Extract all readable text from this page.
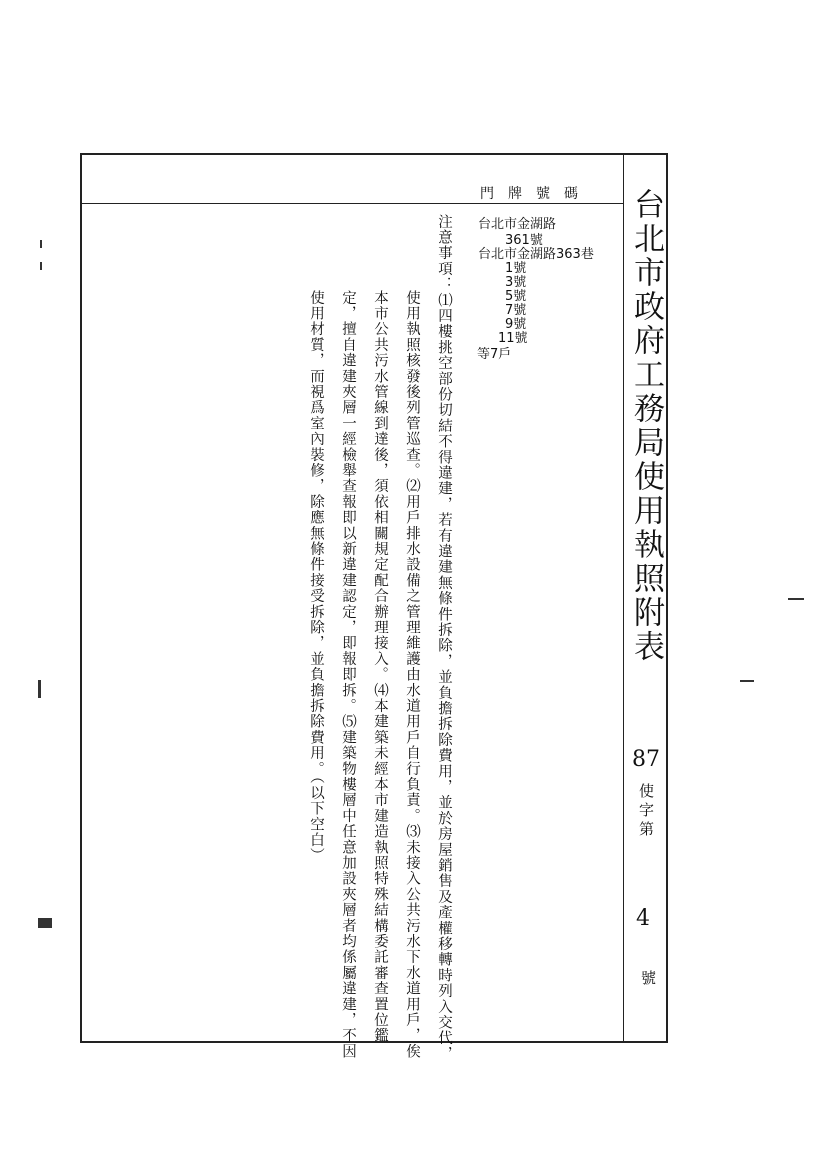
台北市政府工務局使用執照附表
87
使字第
4
號
門牌號碼
台北市金湖路
361號
台北市金湖路363巷
1號
3號
5號
7號
9號
11號
等7戶
注意事項：⑴四樓挑空部份切結不得違建，若有違建無條件拆除，並負擔拆除費用，並於房屋銷售及產權移轉時列入交代，
使用執照核發後列管巡查。⑵用戶排水設備之管理維護由水道用戶自行負責。⑶未接入公共污水下水道用戶，俟
本市公共污水管線到達後，須依相關規定配合辦理接入。⑷本建築未經本市建造執照特殊結構委託審查置位鑑
定，擅自違建夾層一經檢舉查報即以新違建認定，即報即拆。⑸建築物樓層中任意加設夾層者均係屬違建，不因
使用材質，而視爲室內裝修，除應無條件接受拆除，並負擔拆除費用。（以下空白）
